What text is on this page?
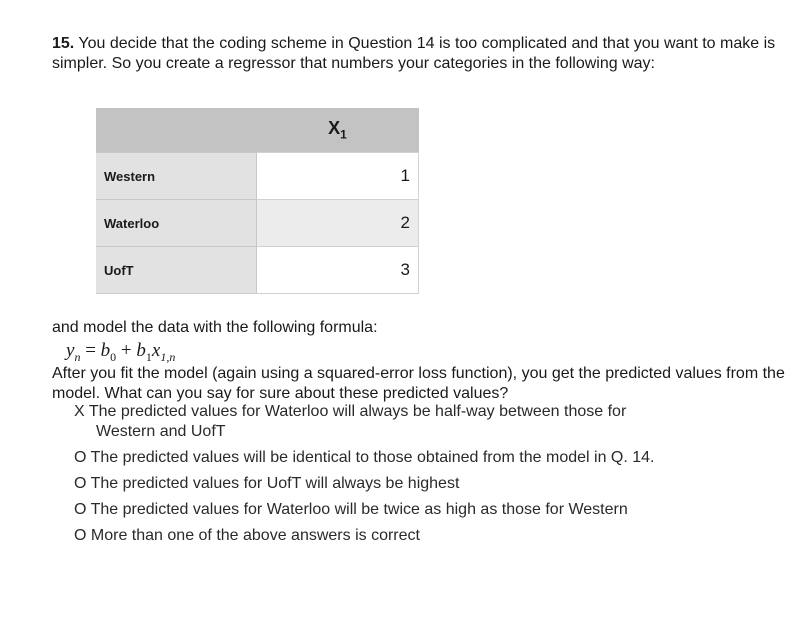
15. You decide that the coding scheme in Question 14 is too complicated and that you want to make is simpler. So you create a regressor that numbers your categories in the following way:
	$X_1$
Western	1
Waterloo	2
UofT	3
and model the data with the following formula:
$y_n = b_0 + b_1x_{1,n}$
After you fit the model (again using a squared-error loss function), you get the predicted values from the model. What can you say for sure about these predicted values?
X The predicted values for Waterloo will always be half-way between those for
Western and UofT
O The predicted values will be identical to those obtained from the model in Q. 14.
O The predicted values for UofT will always be highest
O The predicted values for Waterloo will be twice as high as those for Western
O More than one of the above answers is correct
